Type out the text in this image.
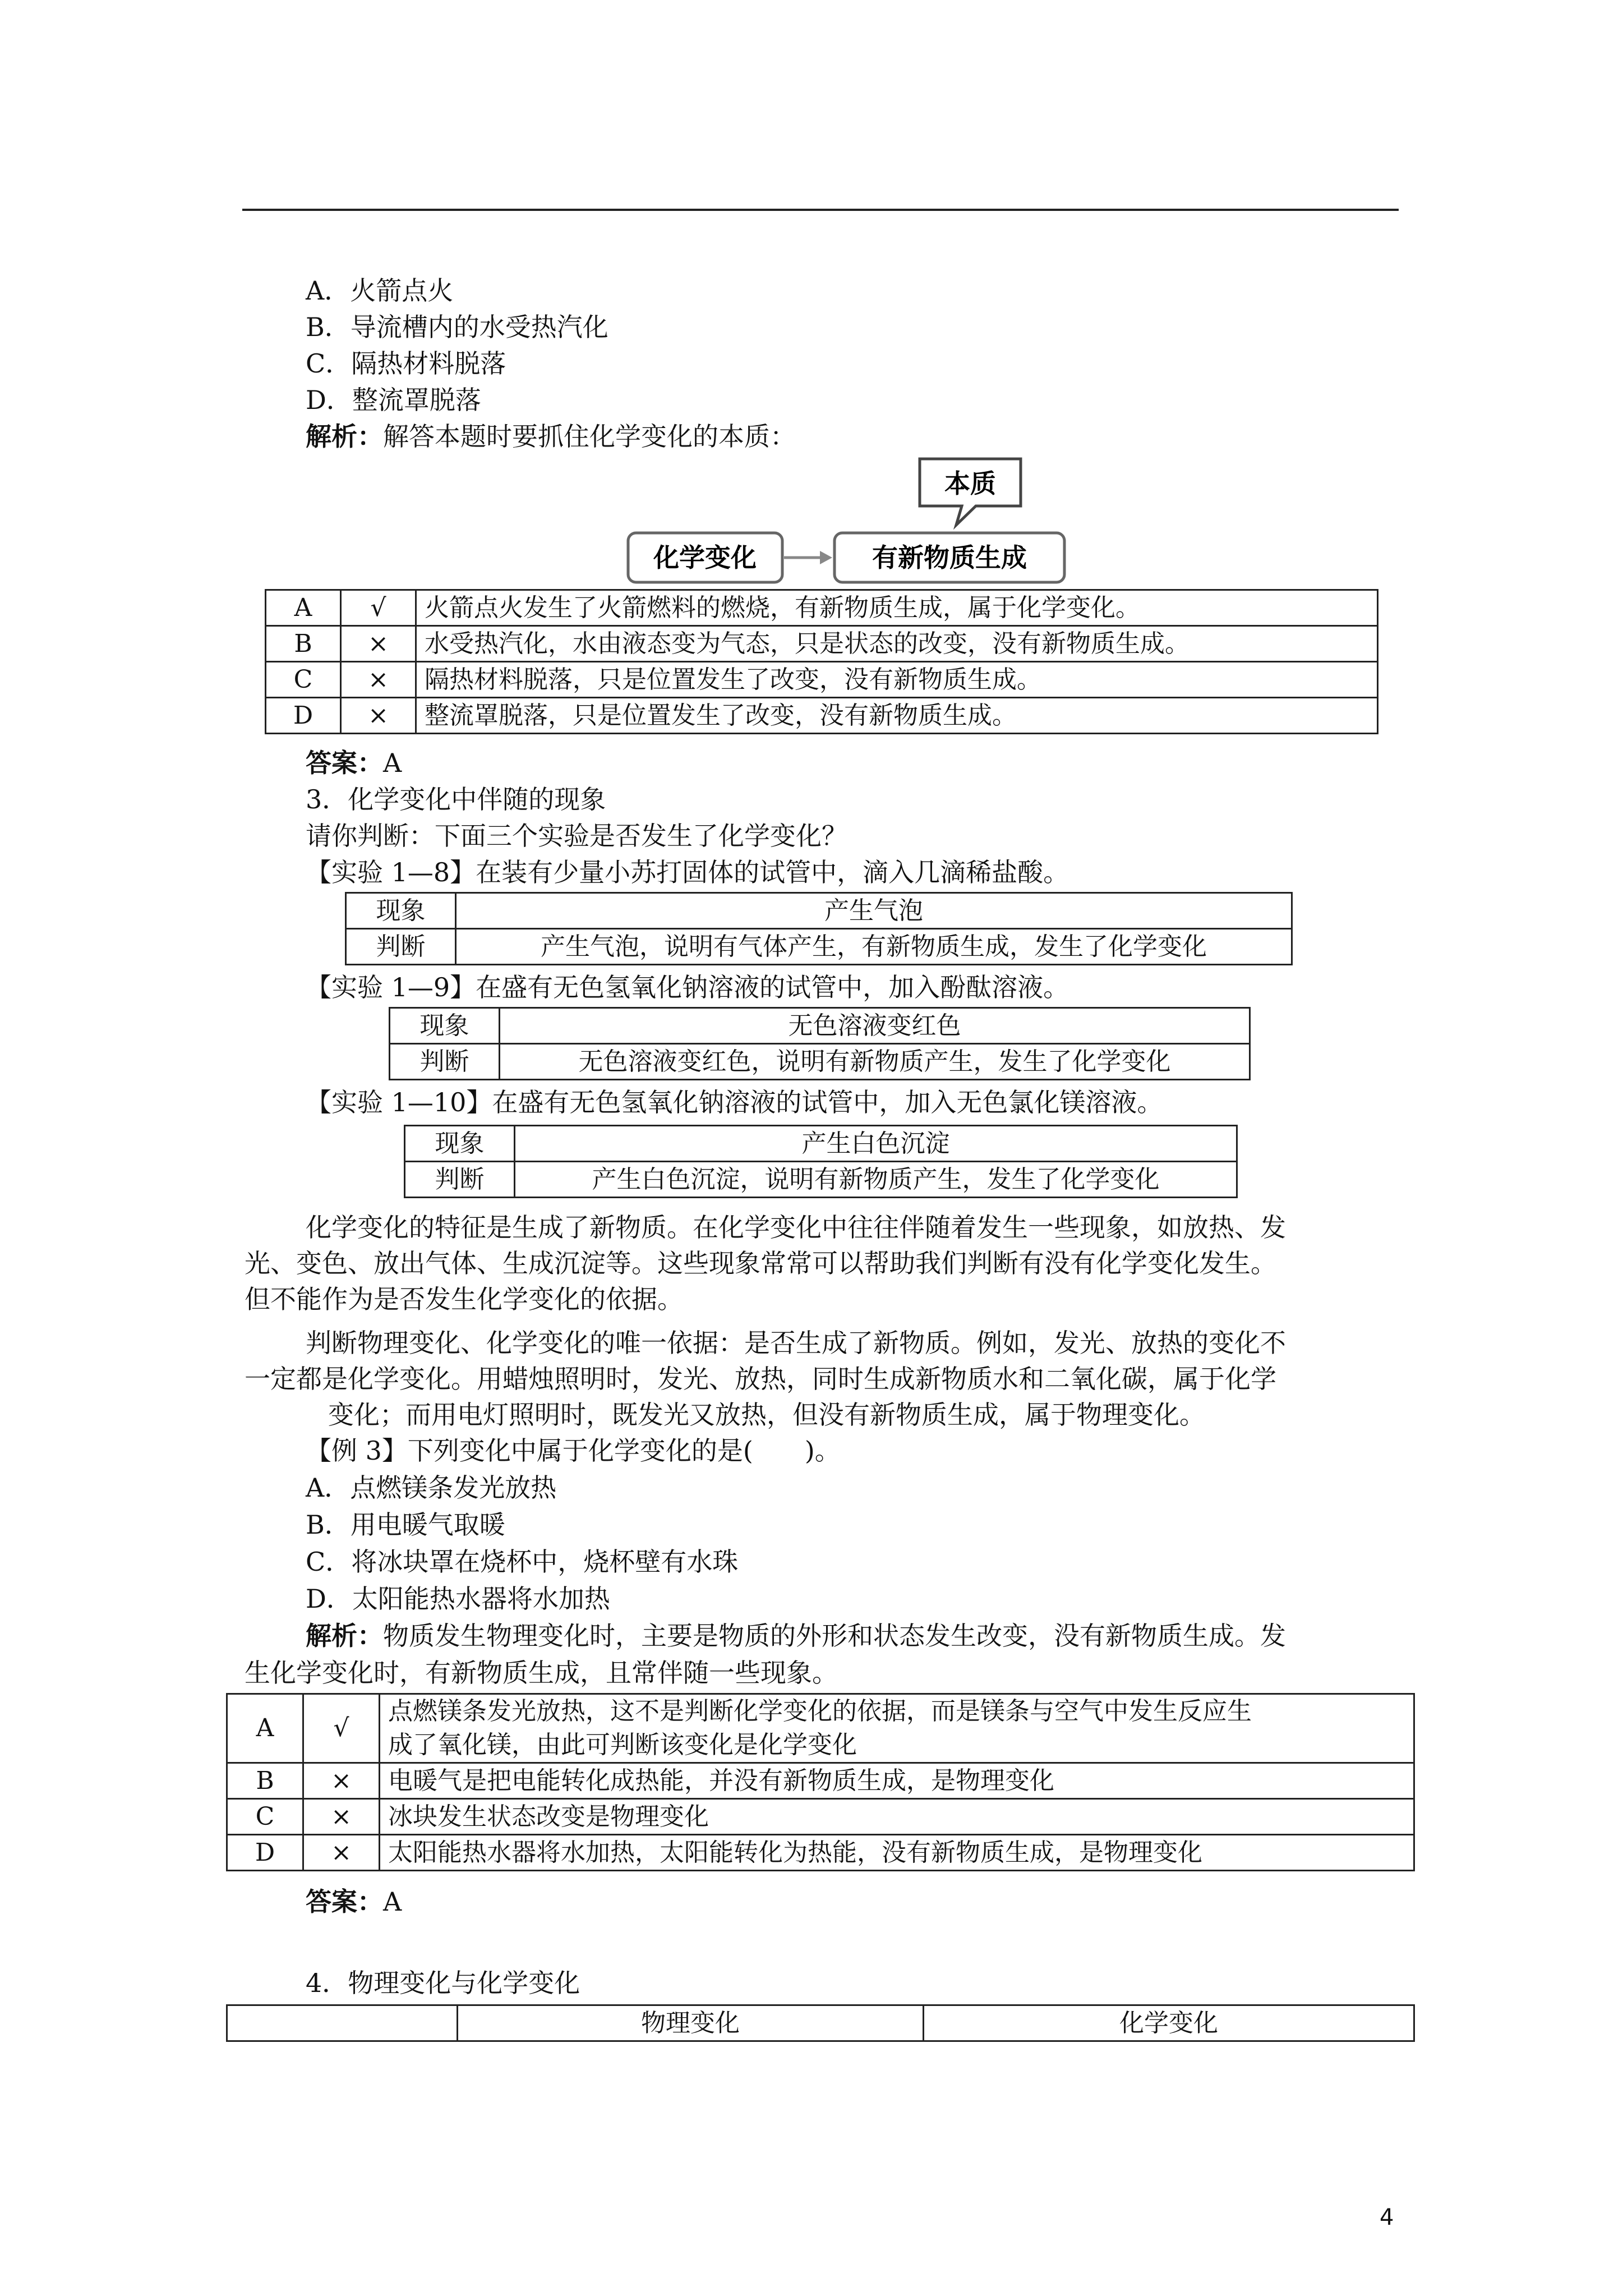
A．火箭点火
B．导流槽内的水受热汽化
C．隔热材料脱落
D．整流罩脱落
解析：解答本题时要抓住化学变化的本质：
本质
化学变化	有新物质生成
A	√	火箭点火发生了火箭燃料的燃烧，有新物质生成，属于化学变化。
B	×	水受热汽化，水由液态变为气态，只是状态的改变，没有新物质生成。
C	×	隔热材料脱落，只是位置发生了改变，没有新物质生成。
D	×	整流罩脱落，只是位置发生了改变，没有新物质生成。
答案：A
3．化学变化中伴随的现象
请你判断：下面三个实验是否发生了化学变化？
【实验 1—8】在装有少量小苏打固体的试管中，滴入几滴稀盐酸。
现象	产生气泡
判断	产生气泡，说明有气体产生，有新物质生成，发生了化学变化
【实验 1—9】在盛有无色氢氧化钠溶液的试管中，加入酚酞溶液。
现象	无色溶液变红色
判断	无色溶液变红色，说明有新物质产生，发生了化学变化
【实验 1—10】在盛有无色氢氧化钠溶液的试管中，加入无色氯化镁溶液。
现象	产生白色沉淀
判断	产生白色沉淀，说明有新物质产生，发生了化学变化
化学变化的特征是生成了新物质。在化学变化中往往伴随着发生一些现象，如放热、发
光、变色、放出气体、生成沉淀等。这些现象常常可以帮助我们判断有没有化学变化发生。
但不能作为是否发生化学变化的依据。
判断物理变化、化学变化的唯一依据：是否生成了新物质。例如，发光、放热的变化不
一定都是化学变化。用蜡烛照明时，发光、放热，同时生成新物质水和二氧化碳，属于化学
变化；而用电灯照明时，既发光又放热，但没有新物质生成，属于物理变化。
【例 3】下列变化中属于化学变化的是(　　)。
A．点燃镁条发光放热
B．用电暖气取暖
C．将冰块罩在烧杯中，烧杯壁有水珠
D．太阳能热水器将水加热
解析：物质发生物理变化时，主要是物质的外形和状态发生改变，没有新物质生成。发
生化学变化时，有新物质生成，且常伴随一些现象。
A	√	点燃镁条发光放热，这不是判断化学变化的依据，而是镁条与空气中发生反应生
成了氧化镁，由此可判断该变化是化学变化

B	×	电暖气是把电能转化成热能，并没有新物质生成，是物理变化
C	×	冰块发生状态改变是物理变化
D	×	太阳能热水器将水加热，太阳能转化为热能，没有新物质生成，是物理变化
答案：A
4．物理变化与化学变化
	物理变化	化学变化
4
